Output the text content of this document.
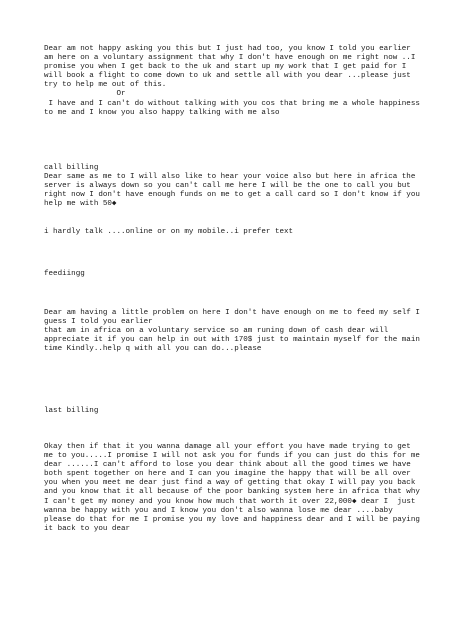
Dear am not happy asking you this but I just had too, you know I told you earlier
am here on a voluntary assignment that why I don't have enough on me right now ..I
promise you when I get back to the uk and start up my work that I get paid for I
will book a flight to come down to uk and settle all with you dear ...please just
try to help me out of this.
Or
I have and I can't do without talking with you cos that bring me a whole happiness
to me and I know you also happy talking with me also

call billing
Dear same as me to I will also like to hear your voice also but here in africa the
server is always down so you can't call me here I will be the one to call you but
right now I don't have enough funds on me to get a call card so I don't know if you
help me with 50◆

i hardly talk ....online or on my mobile..i prefer text

feediingg

Dear am having a little problem on here I don't have enough on me to feed my self I
guess I told you earlier
that am in africa on a voluntary service so am runing down of cash dear will
appreciate it if you can help in out with 170$ just to maintain myself for the main
time Kindly..help q with all you can do...please

last billing

Okay then if that it you wanna damage all your effort you have made trying to get
me to you.....I promise I will not ask you for funds if you can just do this for me
dear ......I can't afford to lose you dear think about all the good times we have
both spent together on here and I can you imagine the happy that will be all over
you when you meet me dear just find a way of getting that okay I will pay you back
and you know that it all because of the poor banking system here in africa that why
I can't get my money and you know how much that worth it over 22,000◆ dear I  just
wanna be happy with you and I know you don't also wanna lose me dear ....baby
please do that for me I promise you my love and happiness dear and I will be paying
it back to you dear
